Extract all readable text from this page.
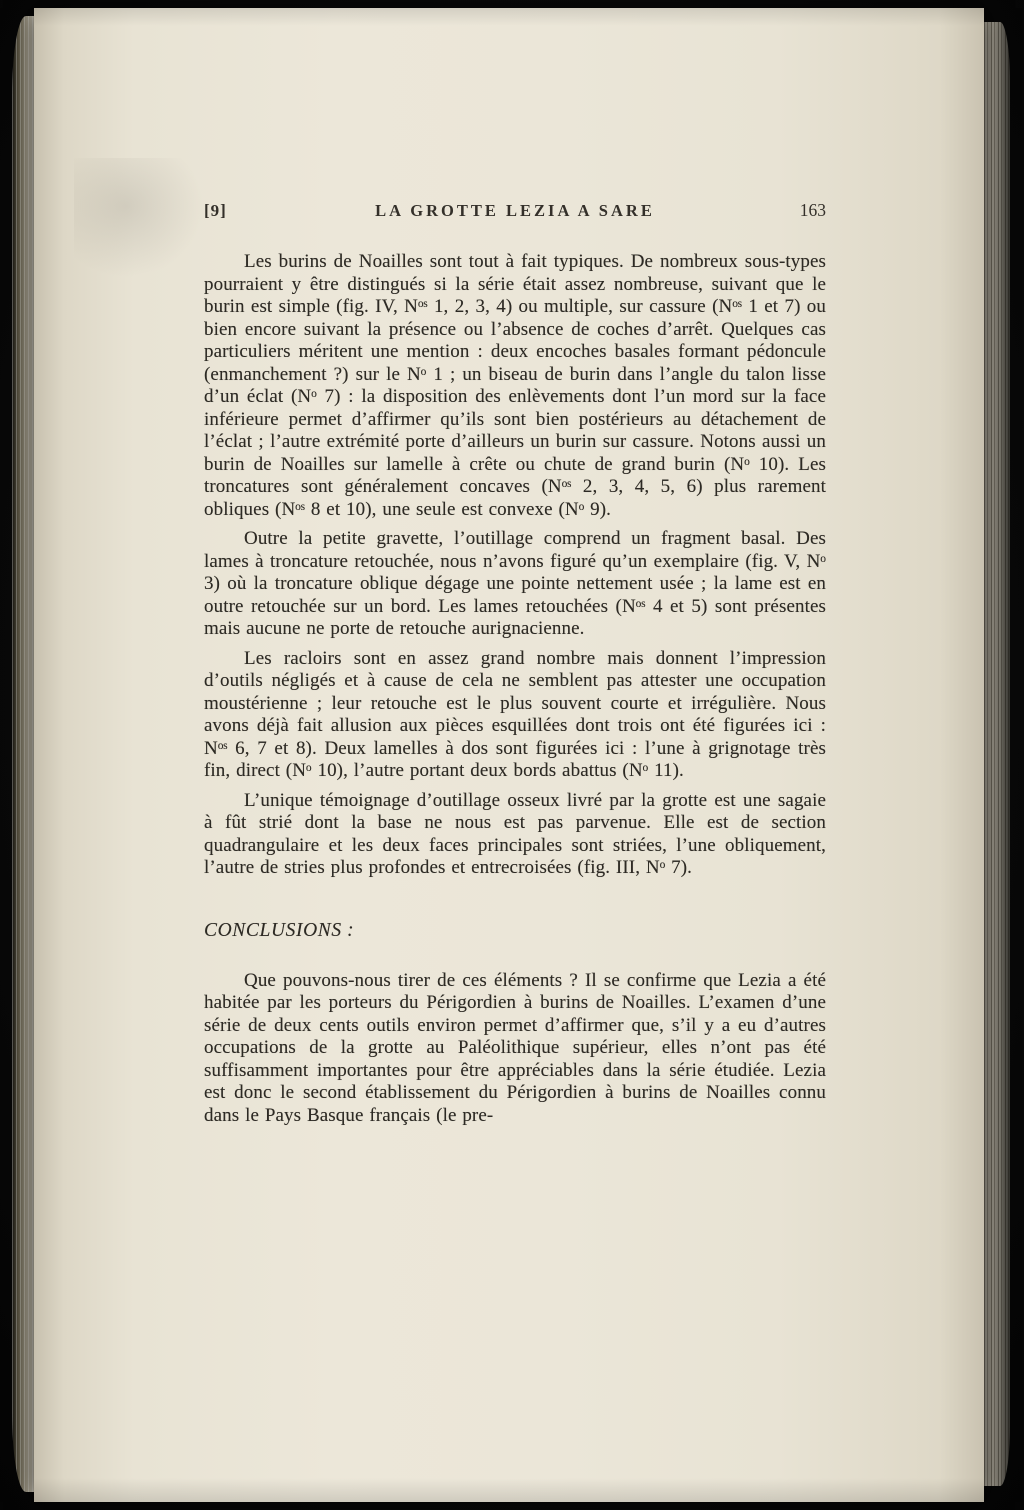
[9]	LA GROTTE LEZIA A SARE	163

Les burins de Noailles sont tout à fait typiques. De nombreux sous-types pourraient y être distingués si la série était assez nombreuse, suivant que le burin est simple (fig. IV, Nᵒˢ 1, 2, 3, 4) ou multiple, sur cassure (Nᵒˢ 1 et 7) ou bien encore suivant la présence ou l’absence de coches d’arrêt. Quelques cas particuliers méritent une mention : deux encoches basales formant pédoncule (enmanchement ?) sur le Nᵒ 1 ; un biseau de burin dans l’angle du talon lisse d’un éclat (Nᵒ 7) : la disposition des enlèvements dont l’un mord sur la face inférieure permet d’affirmer qu’ils sont bien postérieurs au détachement de l’éclat ; l’autre extrémité porte d’ailleurs un burin sur cassure. Notons aussi un burin de Noailles sur lamelle à crête ou chute de grand burin (Nᵒ 10). Les troncatures sont généralement concaves (Nᵒˢ 2, 3, 4, 5, 6) plus rarement obliques (Nᵒˢ 8 et 10), une seule est convexe (Nᵒ 9).

Outre la petite gravette, l’outillage comprend un fragment basal. Des lames à troncature retouchée, nous n’avons figuré qu’un exemplaire (fig. V, Nᵒ 3) où la troncature oblique dégage une pointe nettement usée ; la lame est en outre retouchée sur un bord. Les lames retouchées (Nᵒˢ 4 et 5) sont présentes mais aucune ne porte de retouche aurignacienne.

Les racloirs sont en assez grand nombre mais donnent l’impression d’outils négligés et à cause de cela ne semblent pas attester une occupation moustérienne ; leur retouche est le plus souvent courte et irrégulière. Nous avons déjà fait allusion aux pièces esquillées dont trois ont été figurées ici : Nᵒˢ 6, 7 et 8). Deux lamelles à dos sont figurées ici : l’une à grignotage très fin, direct (Nᵒ 10), l’autre portant deux bords abattus (Nᵒ 11).

L’unique témoignage d’outillage osseux livré par la grotte est une sagaie à fût strié dont la base ne nous est pas parvenue. Elle est de section quadrangulaire et les deux faces principales sont striées, l’une obliquement, l’autre de stries plus profondes et entrecroisées (fig. III, Nᵒ 7).

CONCLUSIONS :

Que pouvons-nous tirer de ces éléments ? Il se confirme que Lezia a été habitée par les porteurs du Périgordien à burins de Noailles. L’examen d’une série de deux cents outils environ permet d’affirmer que, s’il y a eu d’autres occupations de la grotte au Paléolithique supérieur, elles n’ont pas été suffisamment importantes pour être appréciables dans la série étudiée. Lezia est donc le second établissement du Périgordien à burins de Noailles connu dans le Pays Basque français (le pre-
